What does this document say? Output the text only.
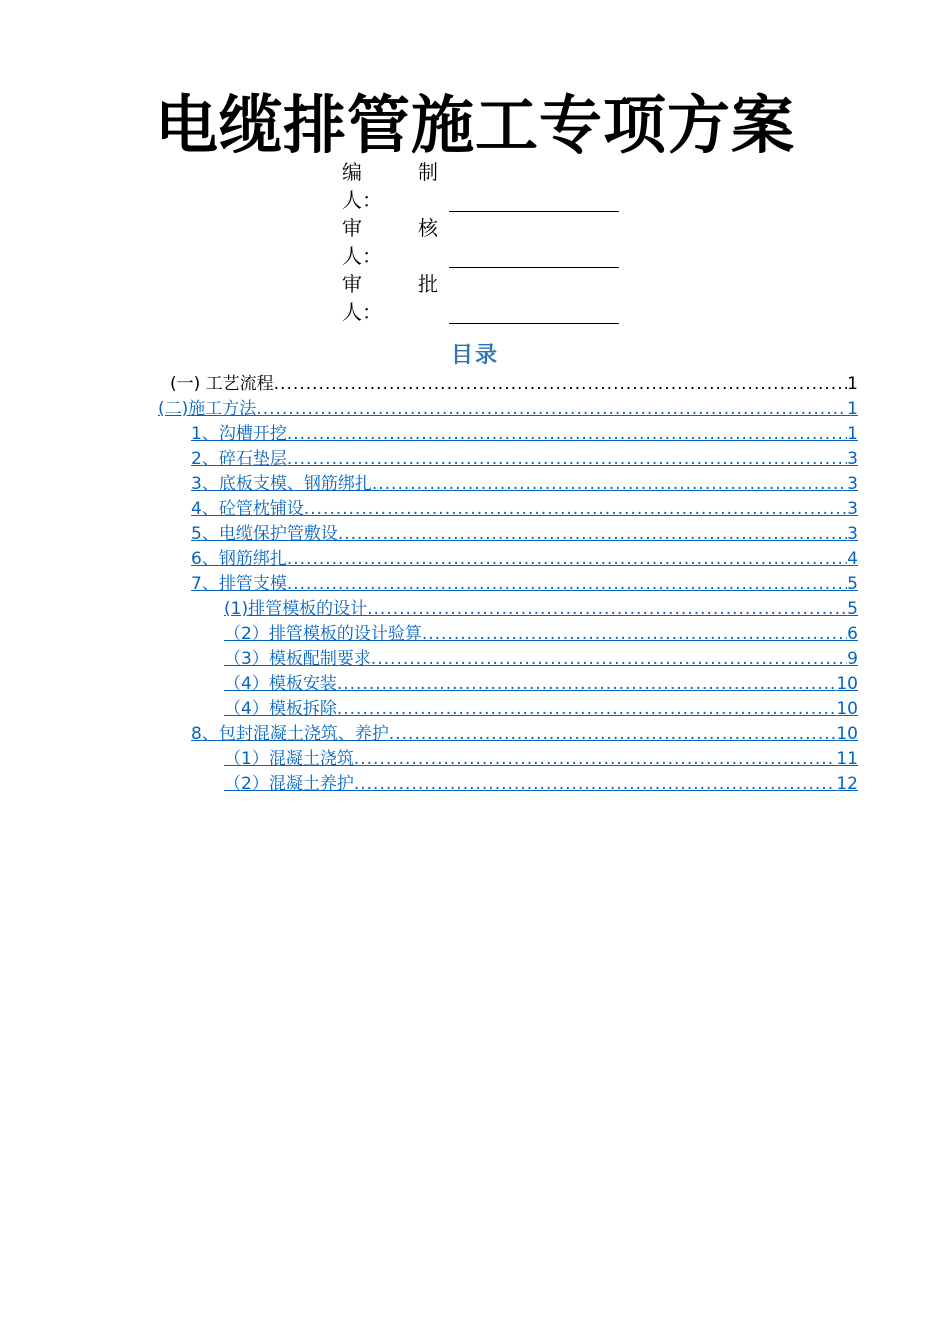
电缆排管施工专项方案
编	制
人：
审	核
人：
审	批
人：
目录
(一) 工艺流程 .....	1
(二)施工方法 .....	1
1、沟槽开挖 .....	1
2、碎石垫层 .....	3
3、底板支模、钢筋绑扎 .....	3
4、砼管枕铺设 .....	3
5、电缆保护管敷设 .....	3
6、钢筋绑扎 .....	4
7、排管支模 .....	5
(1)排管模板的设计 .....	5
（2）排管模板的设计验算 .....	6
（3）模板配制要求 .....	9
（4）模板安装 .....	10
（4）模板拆除 .....	10
8、包封混凝土浇筑、养护 .....	10
（1）混凝土浇筑 .....	11
（2）混凝土养护 .....	12
